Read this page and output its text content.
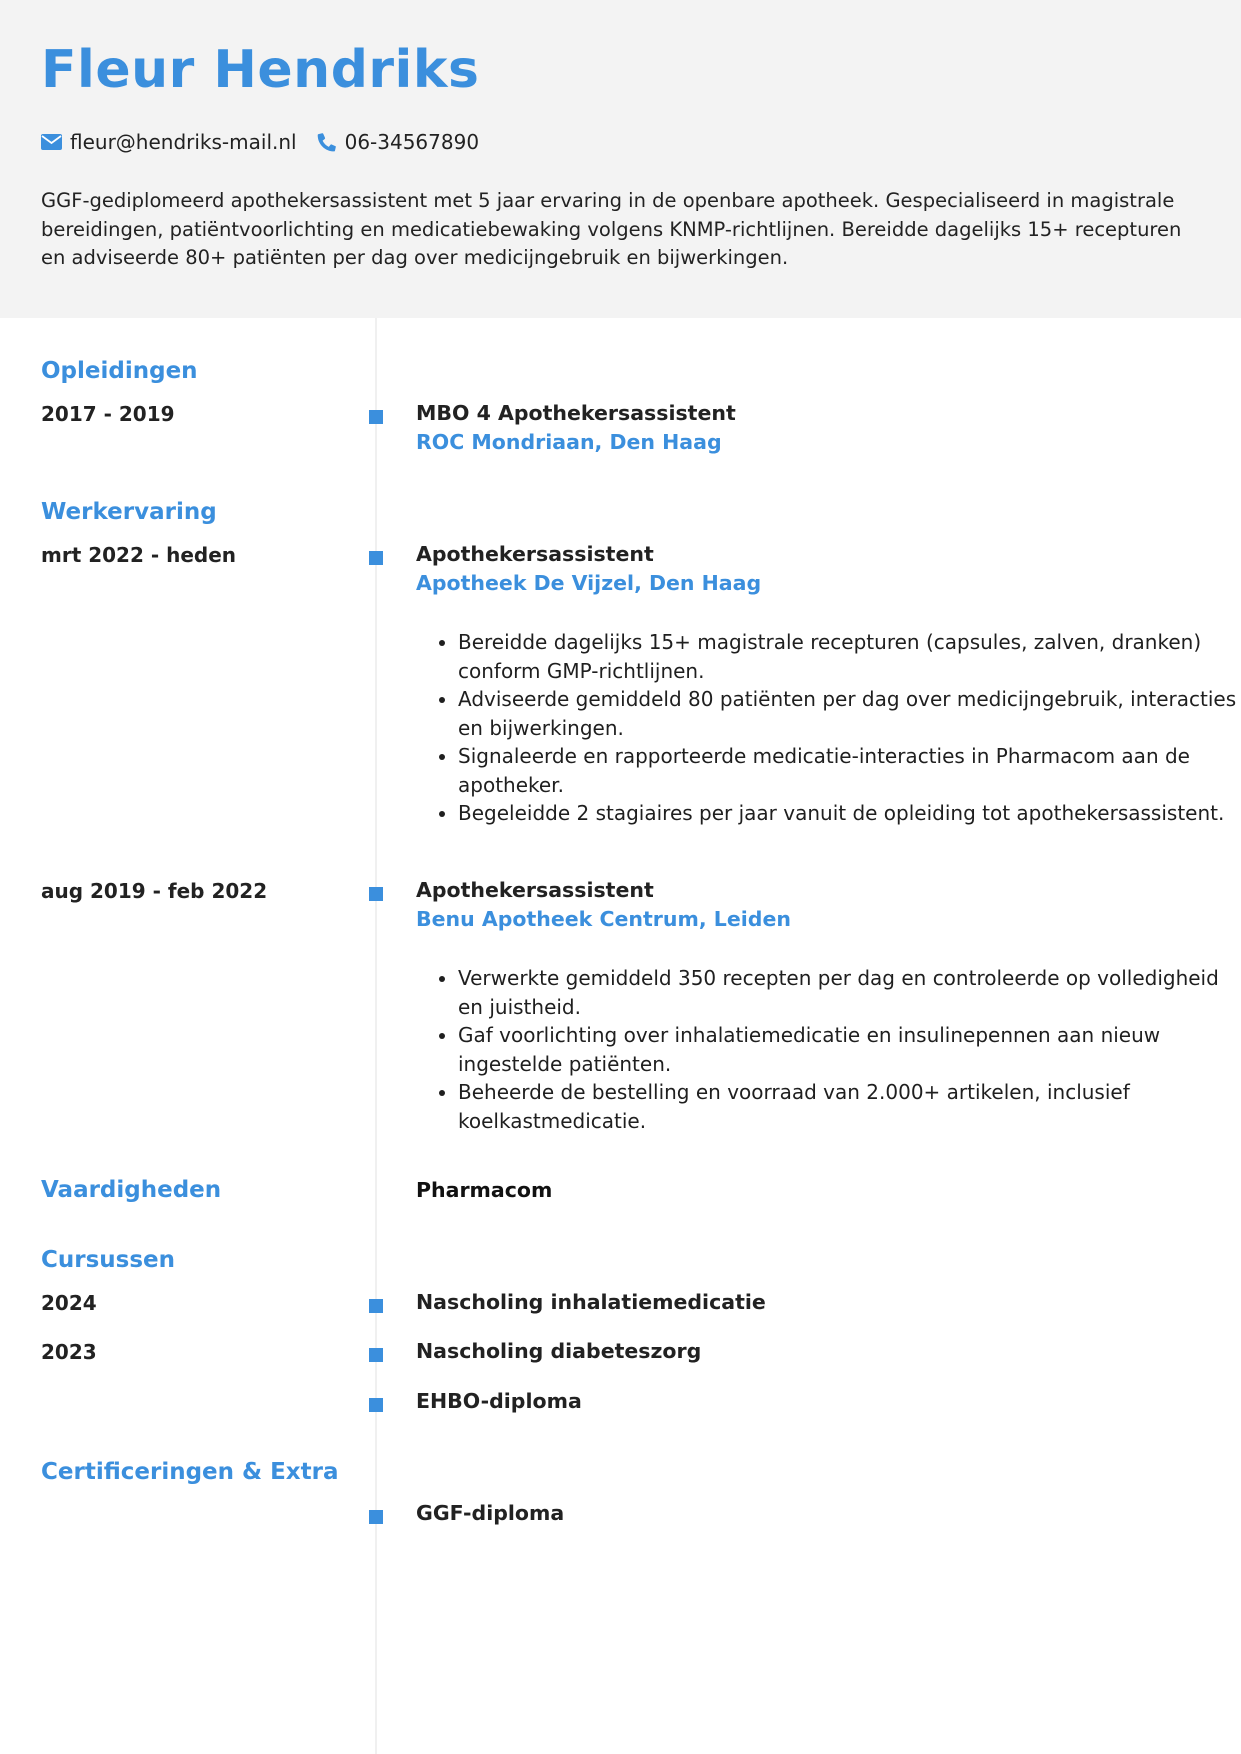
Fleur Hendriks
fleur@hendriks-mail.nl 06-34567890
GGF-gediplomeerd apothekersassistent met 5 jaar ervaring in de openbare apotheek. Gespecialiseerd in magistrale bereidingen, patiëntvoorlichting en medicatiebewaking volgens KNMP-richtlijnen. Bereidde dagelijks 15+ recepturen en adviseerde 80+ patiënten per dag over medicijngebruik en bijwerkingen.
Opleidingen
2017 - 2019	MBO 4 Apothekersassistent
ROC Mondriaan, Den Haag
Werkervaring
mrt 2022 - heden	Apothekersassistent
Apotheek De Vijzel, Den Haag
• Bereidde dagelijks 15+ magistrale recepturen (capsules, zalven, dranken) conform GMP-richtlijnen.
• Adviseerde gemiddeld 80 patiënten per dag over medicijngebruik, interacties en bijwerkingen.
• Signaleerde en rapporteerde medicatie-interacties in Pharmacom aan de apotheker.
• Begeleidde 2 stagiaires per jaar vanuit de opleiding tot apothekersassistent.
aug 2019 - feb 2022	Apothekersassistent
Benu Apotheek Centrum, Leiden
• Verwerkte gemiddeld 350 recepten per dag en controleerde op volledigheid en juistheid.
• Gaf voorlichting over inhalatiemedicatie en insulinepennen aan nieuw ingestelde patiënten.
• Beheerde de bestelling en voorraad van 2.000+ artikelen, inclusief koelkastmedicatie.
Vaardigheden	Pharmacom
Cursussen
2024	Nascholing inhalatiemedicatie
2023	Nascholing diabeteszorg
EHBO-diploma
Certificeringen & Extra
GGF-diploma
